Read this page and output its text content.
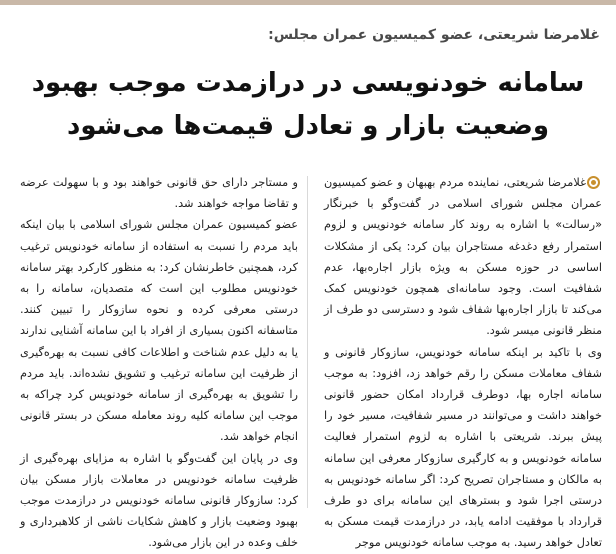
غلامرضا شریعتی، عضو کمیسیون عمران مجلس:
سامانه خودنویسی در درازمدت موجب بهبود
وضعیت بازار و تعادل قیمت‌ها می‌شود

غلامرضا شریعتی، نماینده مردم بهبهان و عضو کمیسیون عمران مجلس شورای اسلامی در گفت‌وگو با خبرنگار «رسالت» با اشاره به روند کار سامانه خودنویس و لزوم استمرار رفع دغدغه مستاجران بیان کرد: یکی از مشکلات اساسی در حوزه مسکن به ویژه بازار اجاره‌بها، عدم شفافیت است. وجود سامانه‌ای همچون خودنویس کمک می‌کند تا بازار اجاره‌بها شفاف شود و دسترسی دو طرف از منظر قانونی میسر شود.

وی با تاکید بر اینکه سامانه خودنویس، سازوکار قانونی و شفاف معاملات مسکن را رقم خواهد زد، افزود: به موجب سامانه اجاره بها، دوطرف قرارداد امکان حضور قانونی خواهند داشت و می‌توانند در مسیر شفافیت، مسیر خود را پیش ببرند. شریعتی با اشاره به لزوم استمرار فعالیت سامانه خودنویس و به کارگیری سازوکار معرفی این سامانه به مالکان و مستاجران تصریح کرد: اگر سامانه خودنویس به درستی اجرا شود و بسترهای این سامانه برای دو طرف قرارداد با موفقیت ادامه یابد، در درازمدت قیمت مسکن به تعادل خواهد رسید. به موجب سامانه خودنویس موجر

و مستاجر دارای حق قانونی خواهند بود و با سهولت عرضه و تقاضا مواجه خواهند شد.

عضو کمیسیون عمران مجلس شورای اسلامی با بیان اینکه باید مردم را نسبت به استفاده از سامانه خودنویس ترغیب کرد، همچنین خاطرنشان کرد: به منظور کارکرد بهتر سامانه خودنویس مطلوب این است که متصدیان، سامانه را به درستی معرفی کرده و نحوه سازوکار را تبیین کنند. متاسفانه اکنون بسیاری از افراد با این سامانه آشنایی ندارند یا به دلیل عدم شناخت و اطلاعات کافی نسبت به بهره‌گیری از ظرفیت این سامانه ترغیب و تشویق نشده‌اند. باید مردم را تشویق به بهره‌گیری از سامانه خودنویس کرد چراکه به موجب این سامانه کلیه روند معامله مسکن در بستر قانونی انجام خواهد شد.

وی در پایان این گفت‌وگو با اشاره به مزایای بهره‌گیری از ظرفیت سامانه خودنویس در معاملات بازار مسکن بیان کرد: سازوکار قانونی سامانه خودنویس در درازمدت موجب بهبود وضعیت بازار و کاهش شکایات ناشی از کلاهبرداری و خلف وعده در این بازار می‌شود.
